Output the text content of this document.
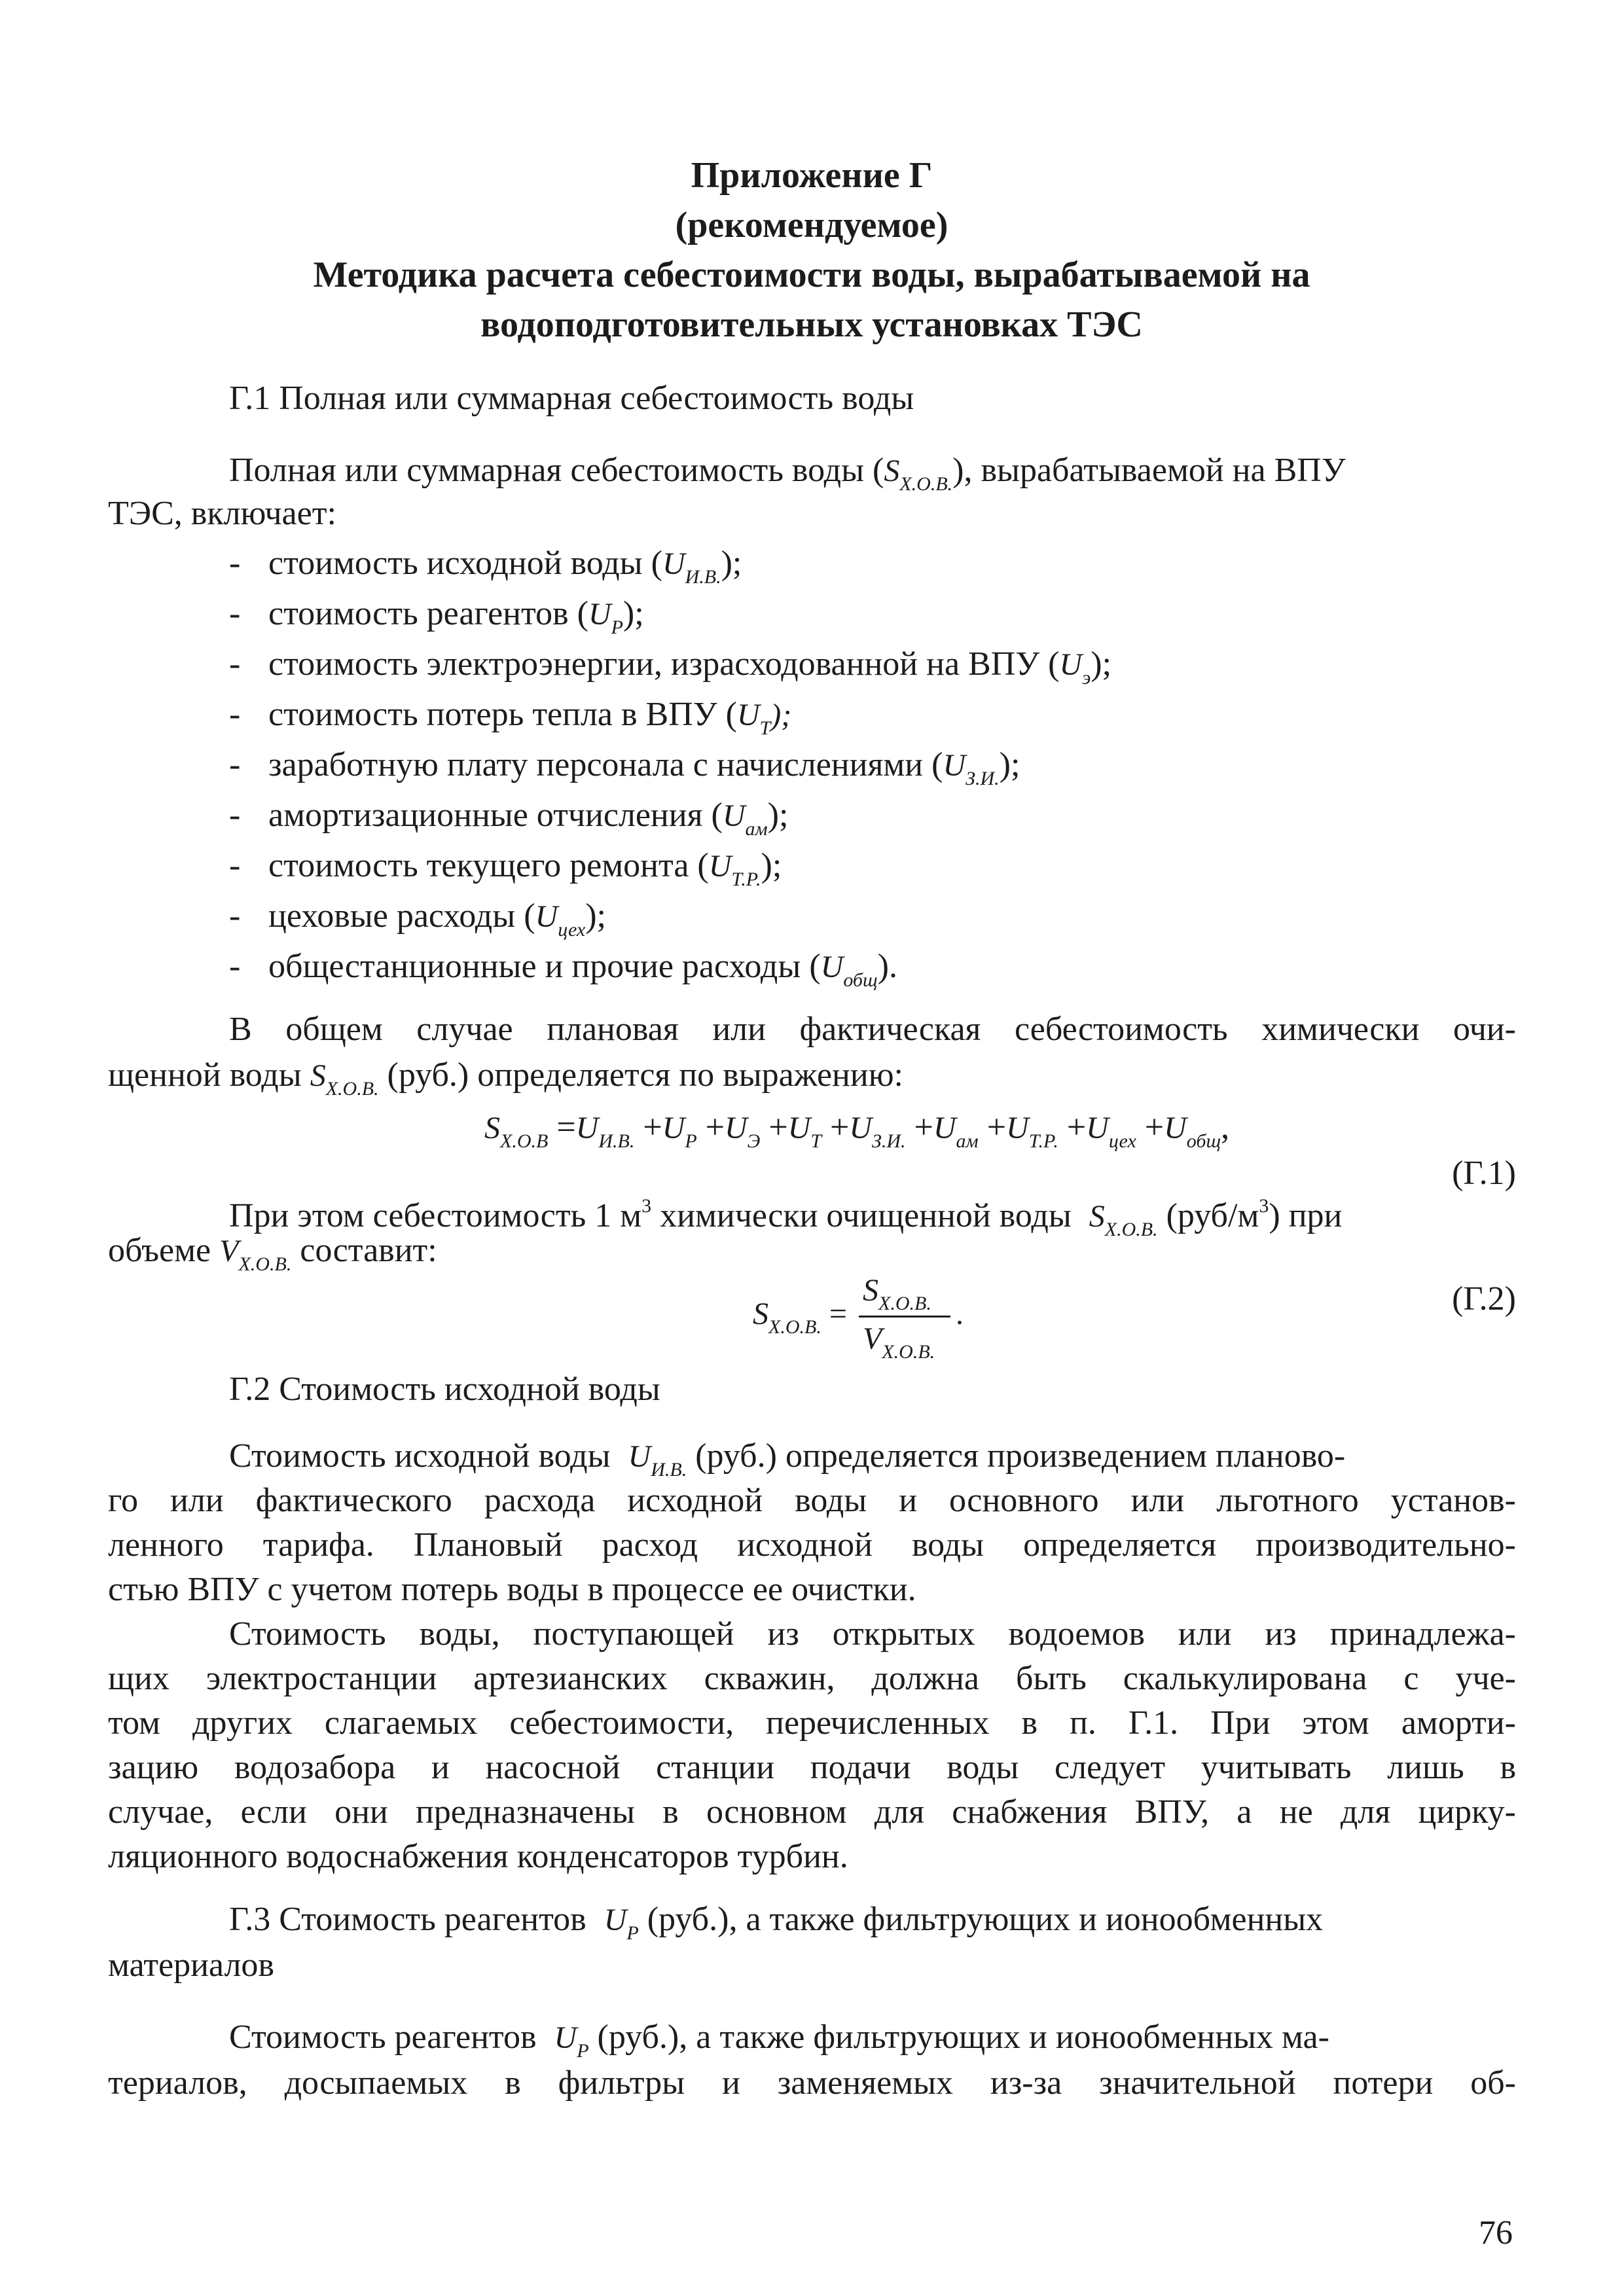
Приложение Г
(рекомендуемое)
Методика расчета себестоимости воды, вырабатываемой на
водоподготовительных установках ТЭС
Г.1 Полная или суммарная себестоимость воды
Полная или суммарная себестоимость воды $(S_{Х.О.В.})$, вырабатываемой на ВПУ
ТЭС, включает:
- стоимость исходной воды $(U_{И.В.})$;
- стоимость реагентов $(U_Р)$;
- стоимость электроэнергии, израсходованной на ВПУ $(U_э)$;
- стоимость потерь тепла в ВПУ $(U_Т)$;
- заработную плату персонала с начислениями $(U_{З.И.})$;
- амортизационные отчисления $(U_{ам})$;
- стоимость текущего ремонта $(U_{Т.Р.})$;
- цеховые расходы $(U_{цех})$;
- общестанционные и прочие расходы $(U_{общ})$.
В общем случае плановая или фактическая себестоимость химически очи-
щенной воды $S_{Х.О.В.}$ (руб.) определяется по выражению:
$S_{Х.О.В} =U_{И.В.} +U_Р +U_Э +U_Т +U_{З.И.} +U_{ам} +U_{Т.Р.} +U_{цех} +U_{общ}$,
(Г.1)
При этом себестоимость 1 $м^3$ химически очищенной воды $S_{Х.О.В.}$ $(руб/м^3)$ при
объеме $V_{Х.О.В.}$ составит:
$S_{Х.О.В.}$ =
$S_{Х.О.В.}$
$V_{Х.О.В.}$
.	(Г.2)
Г.2 Стоимость исходной воды
Стоимость исходной воды $U_{И.В.}$ (руб.) определяется произведением планово-
го или фактического расхода исходной воды и основного или льготного установ-
ленного тарифа. Плановый расход исходной воды определяется производительно-
стью ВПУ с учетом потерь воды в процессе ее очистки.
Стоимость воды, поступающей из открытых водоемов или из принадлежа-
щих электростанции артезианских скважин, должна быть скалькулирована с уче-
том других слагаемых себестоимости, перечисленных в п. Г.1. При этом аморти-
зацию водозабора и насосной станции подачи воды следует учитывать лишь в
случае, если они предназначены в основном для снабжения ВПУ, а не для цирку-
ляционного водоснабжения конденсаторов турбин.
Г.3 Стоимость реагентов $U_Р$ (руб.), а также фильтрующих и ионообменных
материалов
Стоимость реагентов $U_Р$ (руб.), а также фильтрующих и ионообменных ма-
териалов, досыпаемых в фильтры и заменяемых из-за значительной потери об-
76
